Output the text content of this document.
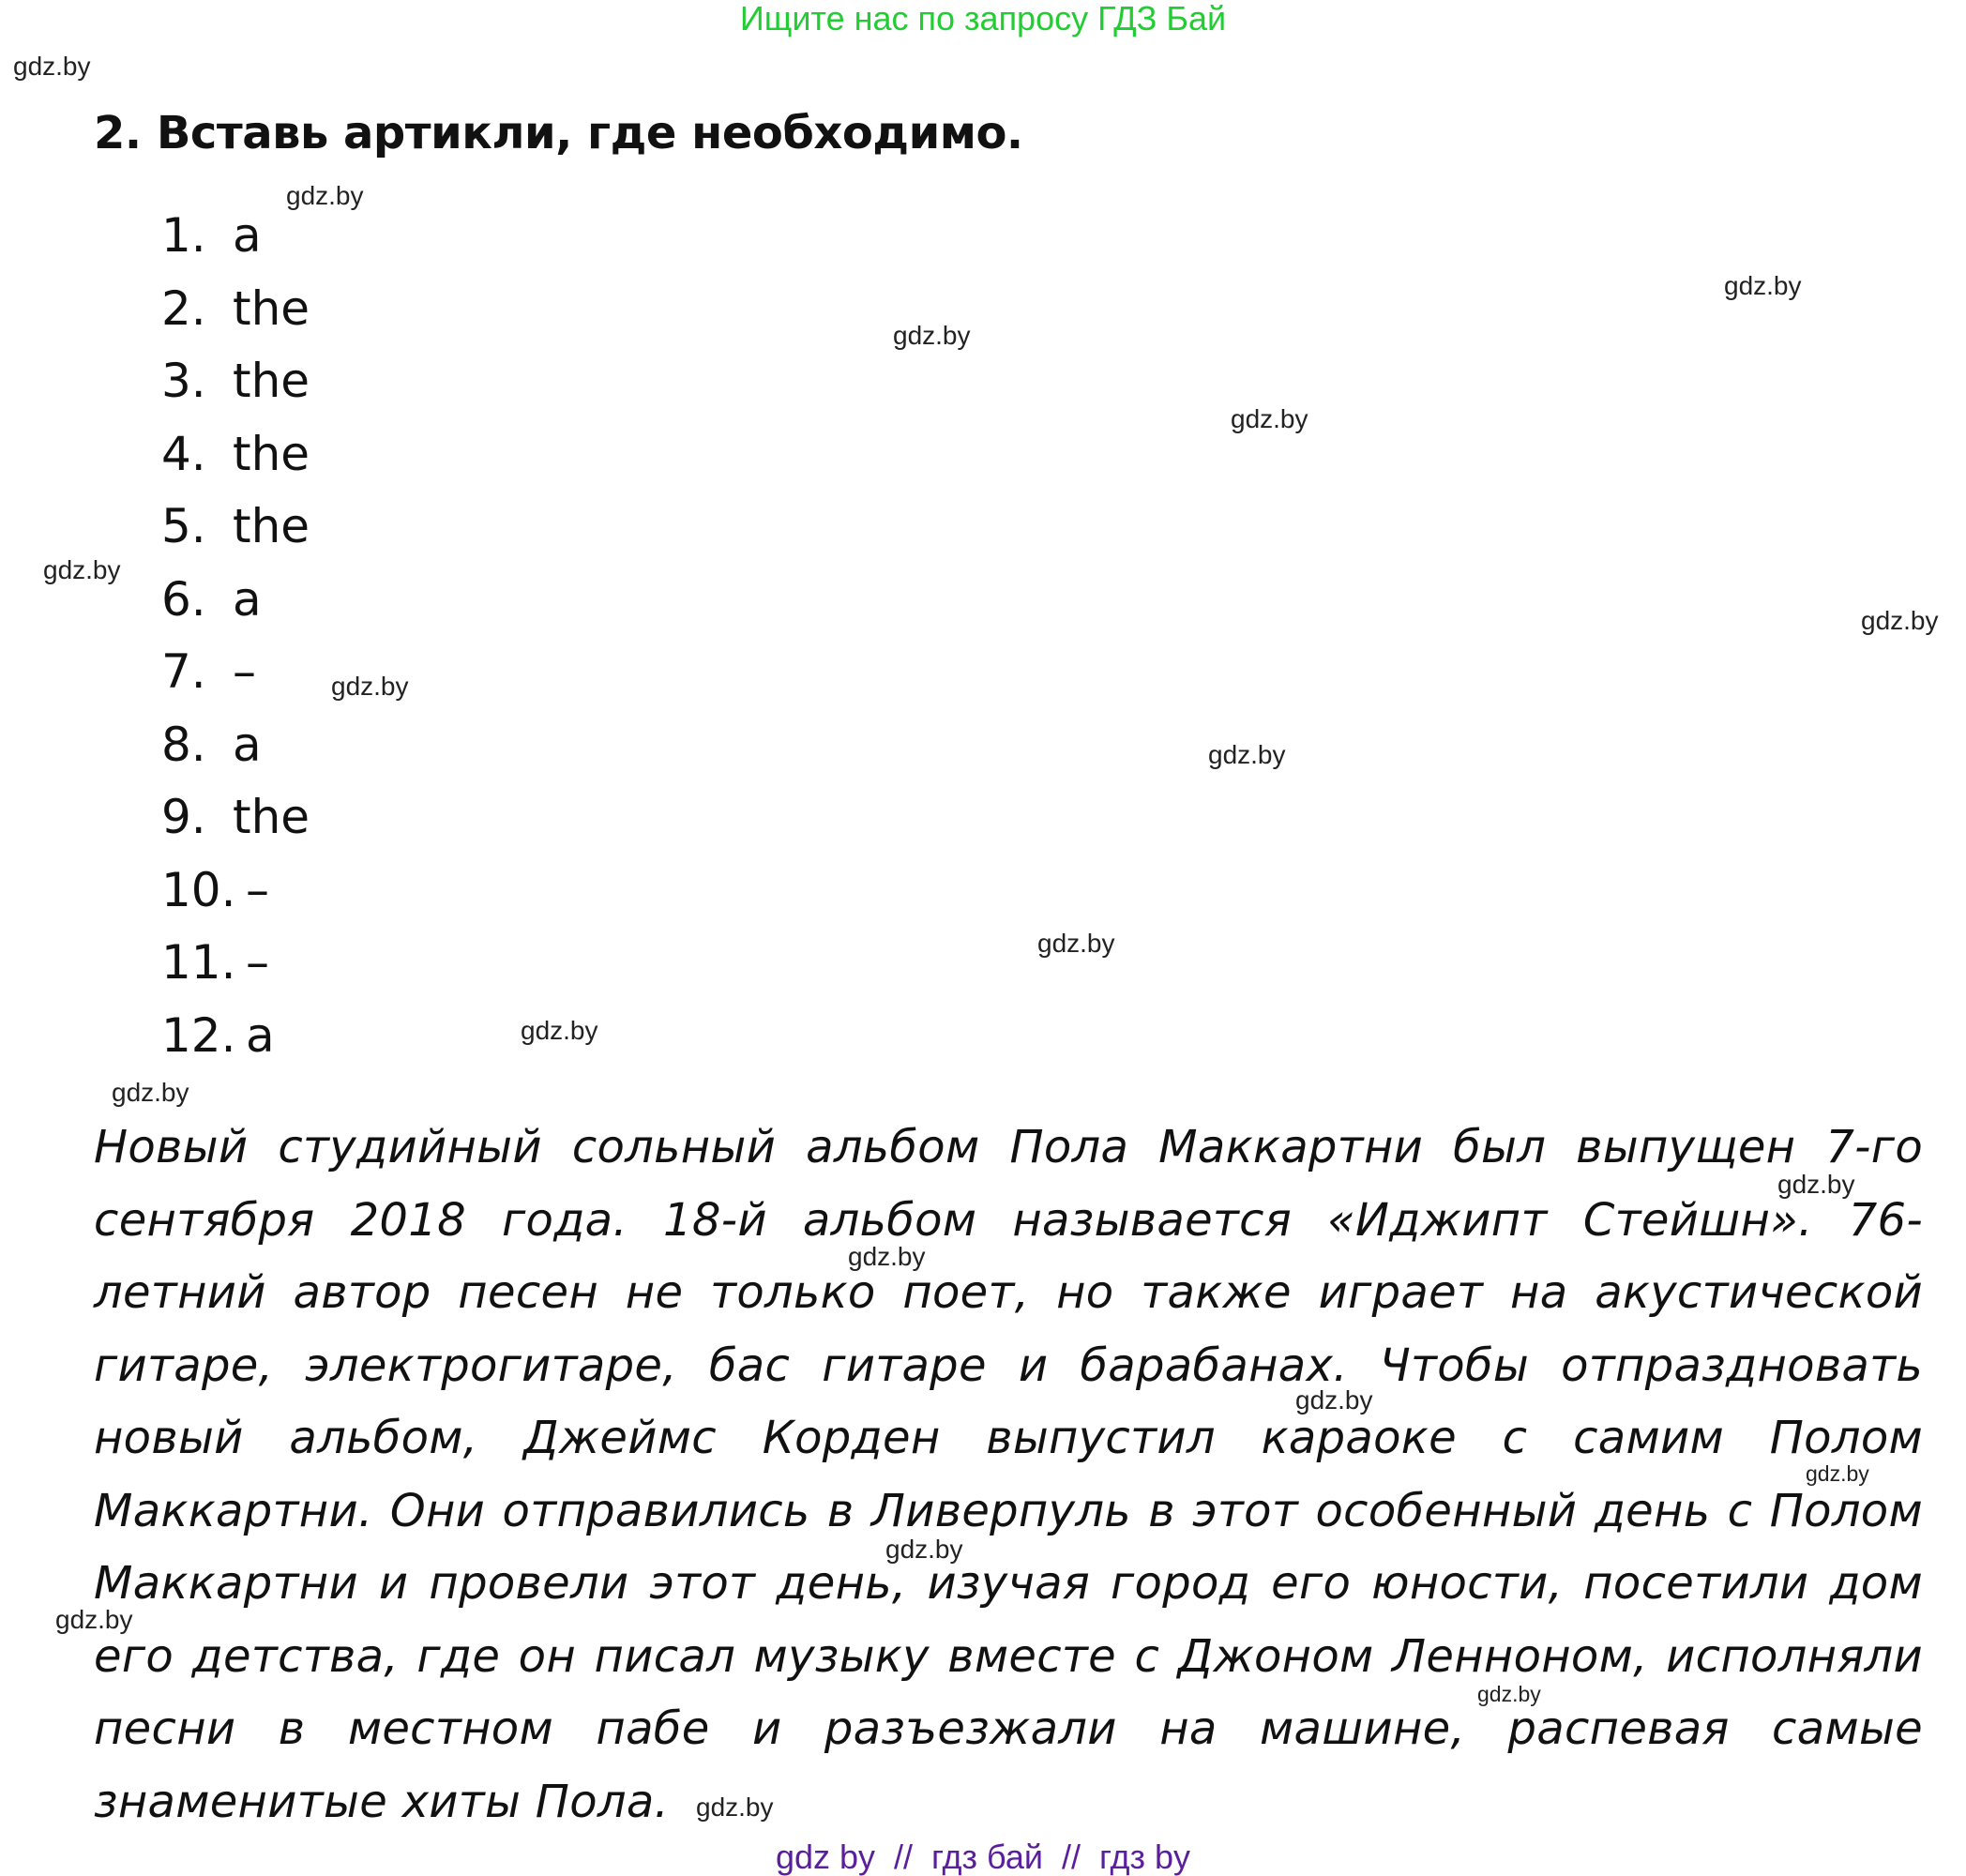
Ищите нас по запросу ГДЗ Бай
2. Вставь артикли, где необходимо.
1. a
2. the
3. the
4. the
5. the
6. a
7. –
8. a
9. the
10. –
11. –
12. a

Новый студийный сольный альбом Пола Маккартни был выпущен 7-го
сентября 2018 года. 18-й альбом называется «Иджипт Стейшн». 76-
летний автор песен не только поет, но также играет на акустической
гитаре, электрогитаре, бас гитаре и барабанах. Чтобы отпраздновать
новый альбом, Джеймс Корден выпустил караоке с самим Полом
Маккартни. Они отправились в Ливерпуль в этот особенный день с Полом
Маккартни и провели этот день, изучая город его юности, посетили дом
его детства, где он писал музыку вместе с Джоном Ленноном, исполняли
песни в местном пабе и разъезжали на машине, распевая самые
знаменитые хиты Пола.

gdz.by
gdz.by
gdz.by
gdz.by
gdz.by
gdz.by
gdz.by
gdz.by
gdz.by
gdz.by
gdz.by
gdz.by
gdz.by
gdz.by
gdz.by
gdz.by
gdz.by
gdz.by
gdz.by
gdz.by
gdz by  //  гдз бай  //  гдз by
